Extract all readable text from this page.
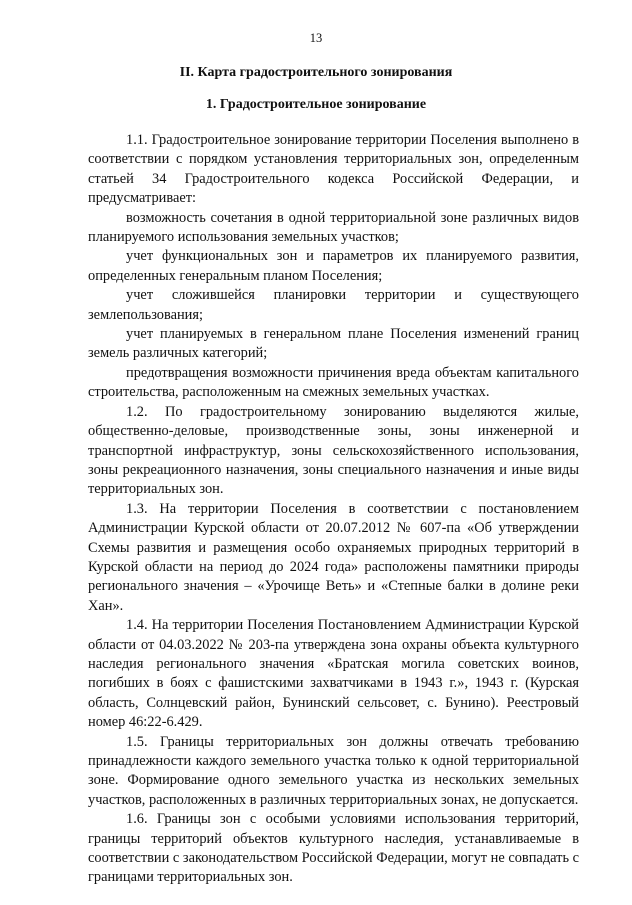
13
II. Карта градостроительного зонирования
1. Градостроительное зонирование

1.1. Градостроительное зонирование территории Поселения выполнено в соответствии с порядком установления территориальных зон, определенным статьей 34 Градостроительного кодекса Российской Федерации, и предусматривает:

возможность сочетания в одной территориальной зоне различных видов планируемого использования земельных участков;

учет функциональных зон и параметров их планируемого развития, определенных генеральным планом Поселения;

учет сложившейся планировки территории и существующего землепользования;

учет планируемых в генеральном плане Поселения изменений границ земель различных категорий;

предотвращения возможности причинения вреда объектам капитального строительства, расположенным на смежных земельных участках.

1.2. По градостроительному зонированию выделяются жилые, общественно-деловые, производственные зоны, зоны инженерной и транспортной инфраструктур, зоны сельскохозяйственного использования, зоны рекреационного назначения, зоны специального назначения и иные виды территориальных зон.

1.3. На территории Поселения в соответствии с постановлением Администрации Курской области от 20.07.2012 № 607-па «Об утверждении Схемы развития и размещения особо охраняемых природных территорий в Курской области на период до 2024 года» расположены памятники природы регионального значения – «Урочище Веть» и «Степные балки в долине реки Хан».

1.4. На территории Поселения Постановлением Администрации Курской области от 04.03.2022 № 203-па утверждена зона охраны объекта культурного наследия регионального значения «Братская могила советских воинов, погибших в боях с фашистскими захватчиками в 1943 г.», 1943 г. (Курская область, Солнцевский район, Бунинский сельсовет, с. Бунино). Реестровый номер 46:22-6.429.

1.5. Границы территориальных зон должны отвечать требованию принадлежности каждого земельного участка только к одной территориальной зоне. Формирование одного земельного участка из нескольких земельных участков, расположенных в различных территориальных зонах, не допускается.

1.6. Границы зон с особыми условиями использования территорий, границы территорий объектов культурного наследия, устанавливаемые в соответствии с законодательством Российской Федерации, могут не совпадать с границами территориальных зон.
